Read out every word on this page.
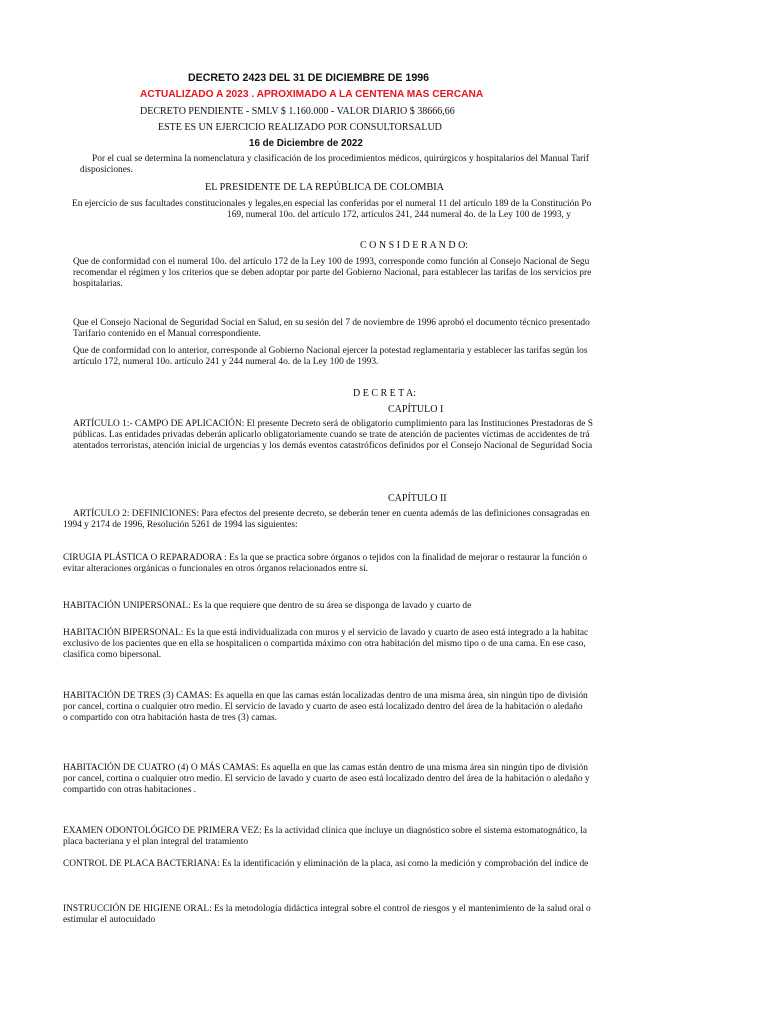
DECRETO 2423 DEL 31 DE DICIEMBRE DE 1996
ACTUALIZADO A 2023 . APROXIMADO A LA CENTENA MAS CERCANA
DECRETO PENDIENTE - SMLV $ 1.160.000 - VALOR DIARIO $ 38666,66
ESTE ES UN EJERCICIO REALIZADO POR CONSULTORSALUD
16 de Diciembre de 2022
Por el cual se determina la nomenclatura y clasificación de los procedimientos médicos, quirúrgicos y hospitalarios del Manual Tarif
disposiciones.
EL PRESIDENTE DE LA REPÚBLICA DE COLOMBIA
En ejercicio de sus facultades constitucionales y legales,en especial las conferidas por el numeral 11 del artículo 189 de la Constitución Po
169, numeral 10o. del artículo 172, artículos 241, 244 numeral 4o. de la Ley 100 de 1993, y
C O N S I D E R A N D O:
Que de conformidad con el numeral 10o. del artículo 172 de la Ley 100 de 1993, corresponde como función al Consejo Nacional de Segu
recomendar el régimen y los criterios que se deben adoptar por parte del Gobierno Nacional, para establecer las tarifas de los servicios pre
hospitalarias.
Que el Consejo Nacional de Seguridad Social en Salud, en su sesión del 7 de noviembre de 1996 aprobó el documento técnico presentado
Tarifario contenido en el Manual correspondiente.
Que de conformidad con lo anterior, corresponde al Gobierno Nacional ejercer la potestad reglamentaria y establecer las tarifas según los
artículo 172, numeral 10o. artículo 241 y 244 numeral 4o. de la Ley 100 de 1993.
D E C R E T A:
CAPÍTULO I
ARTÍCULO 1:- CAMPO DE APLICACIÓN: El presente Decreto será de obligatorio cumplimiento para las Instituciones Prestadoras de S
públicas. Las entidades privadas deberán aplicarlo obligatoriamente cuando se trate de atención de pacientes víctimas de accidentes de trá
atentados terroristas, atención inicial de urgencias y los demás eventos catastróficos definidos por el Consejo Nacional de Seguridad Socia
CAPÍTULO II
ARTÍCULO 2: DEFINICIONES: Para efectos del presente decreto, se deberán tener en cuenta además de las definiciones consagradas en
1994 y 2174 de 1996, Resolución 5261 de 1994 las siguientes:
CIRUGIA PLÁSTICA O REPARADORA : Es la que se practica sobre órganos o tejidos con la finalidad de mejorar o restaurar la función o
evitar alteraciones orgánicas o funcionales en otros órganos relacionados entre si.
HABITACIÓN UNIPERSONAL: Es la que requiere que dentro de su área se disponga de lavado y cuarto de
HABITACIÓN BIPERSONAL: Es la que está individualizada con muros y el servicio de lavado y cuarto de aseo está integrado a la habitac
exclusivo de los pacientes que en ella se hospitalicen o compartida máximo con otra habitación del mismo tipo o de una cama. En ese caso,
clasifica como bipersonal.
HABITACIÓN DE TRES (3) CAMAS: Es aquella en que las camas están localizadas dentro de una misma área, sin ningún tipo de división
por cancel, cortina o cualquier otro medio. El servicio de lavado y cuarto de aseo está localizado dentro del área de la habitación o aledaño
o compartido con otra habitación hasta de tres (3) camas.
HABITACIÓN DE CUATRO (4) O MÁS CAMAS: Es aquella en que las camas están dentro de una misma área sin ningún tipo de división
por cancel, cortina o cualquier otro medio. El servicio de lavado y cuarto de aseo está localizado dentro del área de la habitación o aledaño y
compartido con otras habitaciones .
EXAMEN ODONTOLÓGICO DE PRIMERA VEZ: Es la actividad clínica que incluye un diagnóstico sobre el sistema estomatognático, la
placa bacteriana y el plan integral del tratamiento
CONTROL DE PLACA BACTERIANA: Es la identificación y eliminación de la placa, así como la medición y comprobación del índice de
INSTRUCCIÓN DE HIGIENE ORAL: Es la metodología didáctica integral sobre el control de riesgos y el mantenimiento de la salud oral o
estimular el autocuidado
